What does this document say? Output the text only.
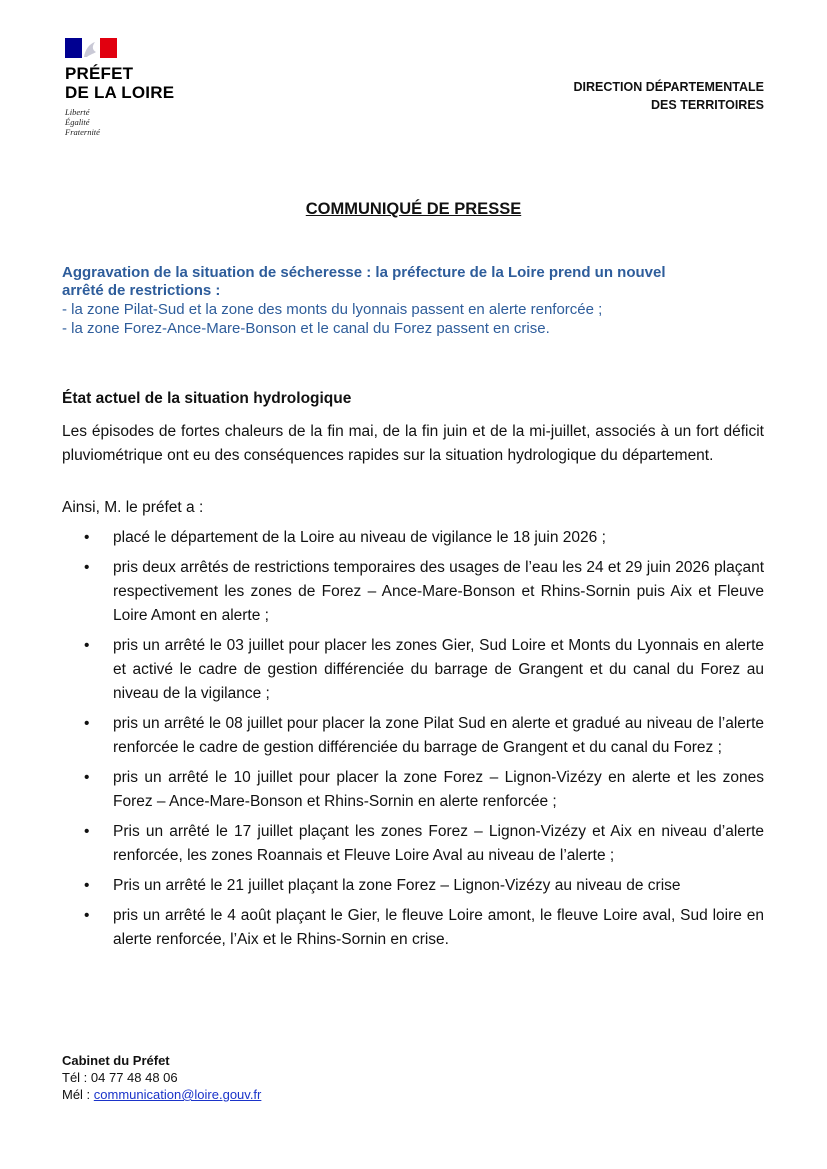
PRÉFET
DE LA LOIRE
Liberté
Égalité
Fraternité
DIRECTION DÉPARTEMENTALE
DES TERRITOIRES
COMMUNIQUÉ DE PRESSE
Aggravation de la situation de sécheresse : la préfecture de la Loire prend un nouvel
arrêté de restrictions :
- la zone Pilat-Sud et la zone des monts du lyonnais passent en alerte renforcée ;
- la zone Forez-Ance-Mare-Bonson et le canal du Forez passent en crise.
État actuel de la situation hydrologique
Les épisodes de fortes chaleurs de la fin mai, de la fin juin et de la mi-juillet, associés à un fort déficit pluviométrique ont eu des conséquences rapides sur la situation hydrologique du département.
Ainsi, M. le préfet a :
• placé le département de la Loire au niveau de vigilance le 18 juin 2026 ;
• pris deux arrêtés de restrictions temporaires des usages de l’eau les 24 et 29 juin 2026 plaçant respectivement les zones de Forez – Ance-Mare-Bonson et Rhins-Sornin puis Aix et Fleuve Loire Amont en alerte ;
• pris un arrêté le 03 juillet pour placer les zones Gier, Sud Loire et Monts du Lyonnais en alerte et activé le cadre de gestion différenciée du barrage de Grangent et du canal du Forez au niveau de la vigilance ;
• pris un arrêté le 08 juillet pour placer la zone Pilat Sud en alerte et gradué au niveau de l’alerte renforcée le cadre de gestion différenciée du barrage de Grangent et du canal du Forez ;
• pris un arrêté le 10 juillet pour placer la zone Forez – Lignon-Vizézy en alerte et les zones Forez – Ance-Mare-Bonson et Rhins-Sornin en alerte renforcée ;
• Pris un arrêté le 17 juillet plaçant les zones Forez – Lignon-Vizézy et Aix en niveau d’alerte renforcée, les zones Roannais et Fleuve Loire Aval au niveau de l’alerte ;
• Pris un arrêté le 21 juillet plaçant la zone Forez – Lignon-Vizézy au niveau de crise
• pris un arrêté le 4 août plaçant le Gier, le fleuve Loire amont, le fleuve Loire aval, Sud loire en alerte renforcée, l’Aix et le Rhins-Sornin en crise.
Cabinet du Préfet
Tél : 04 77 48 48 06
Mél : communication@loire.gouv.fr
